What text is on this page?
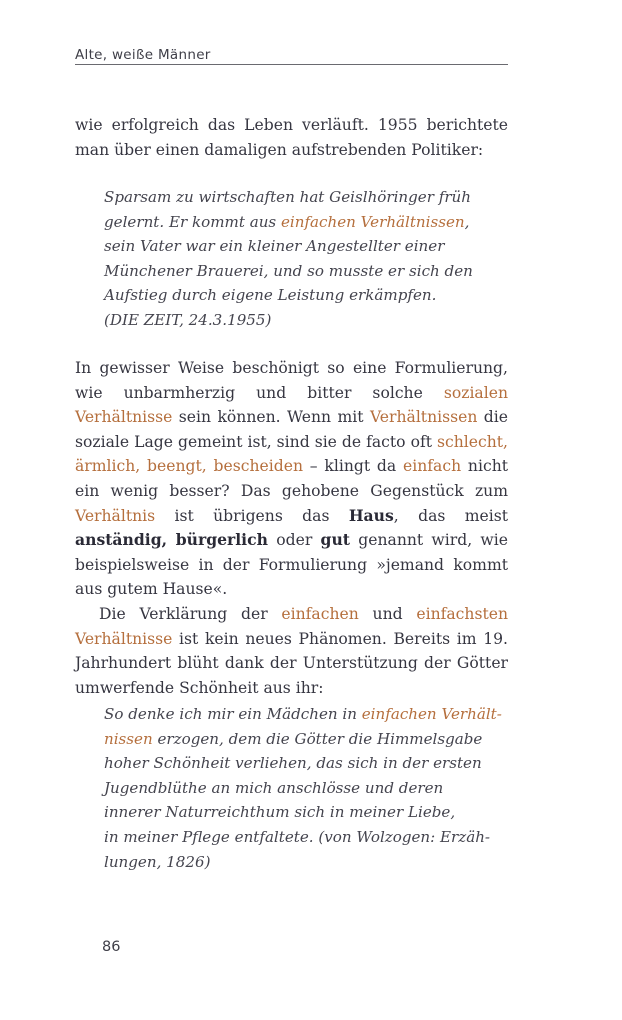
Alte, weiße Männer
wie erfolgreich das Leben verläuft. 1955 berichtete man über einen damaligen aufstrebenden Politiker:
Sparsam zu wirtschaften hat Geislhöringer früh
gelernt. Er kommt aus einfachen Verhältnissen,
sein Vater war ein kleiner Angestellter einer
Münchener Brauerei, und so musste er sich den
Aufstieg durch eigene Leistung erkämpfen.
(DIE ZEIT, 24.3.1955)
In gewisser Weise beschönigt so eine Formulierung, wie unbarmherzig und bitter solche sozialen Verhältnisse sein können. Wenn mit Verhältnissen die soziale Lage gemeint ist, sind sie de facto oft schlecht, ärmlich, beengt, bescheiden – klingt da einfach nicht ein wenig besser? Das gehobene Gegenstück zum Verhältnis ist übrigens das Haus, das meist anständig, bürgerlich oder gut genannt wird, wie beispielsweise in der Formulierung »jemand kommt aus gutem Hause«.
Die Verklärung der einfachen und einfachsten Verhältnisse ist kein neues Phänomen. Bereits im 19. Jahrhundert blüht dank der Unterstützung der Götter umwerfende Schönheit aus ihr:
So denke ich mir ein Mädchen in einfachen Verhält-
nissen erzogen, dem die Götter die Himmelsgabe
hoher Schönheit verliehen, das sich in der ersten
Jugendblüthe an mich anschlösse und deren
innerer Naturreichthum sich in meiner Liebe,
in meiner Pflege entfaltete. (von Wolzogen: Erzäh-
lungen, 1826)
86
